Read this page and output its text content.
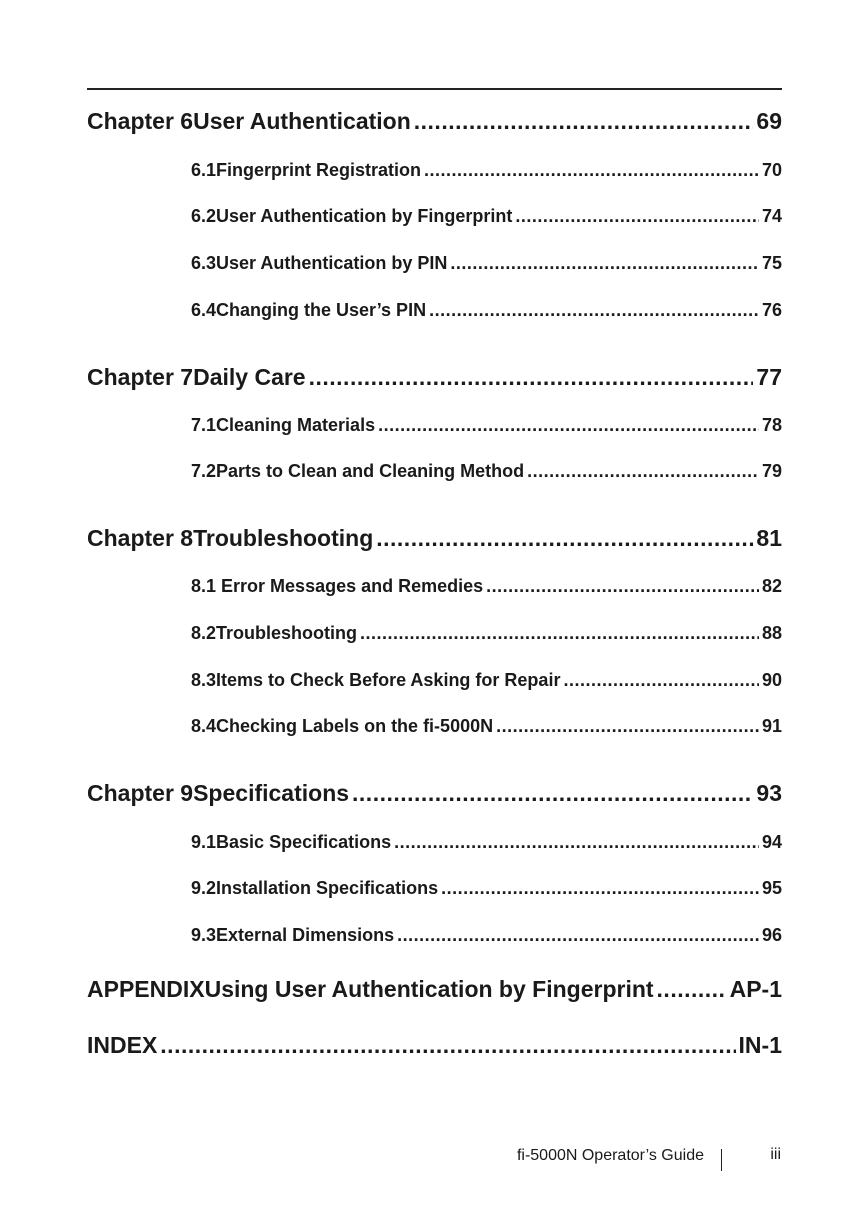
Chapter 6 User Authentication .....	69
6.1 Fingerprint Registration .....	70
6.2 User Authentication by Fingerprint .....	74
6.3 User Authentication by PIN .....	75
6.4 Changing the User’s PIN .....	76
Chapter 7 Daily Care .....	77
7.1 Cleaning Materials .....	78
7.2 Parts to Clean and Cleaning Method .....	79
Chapter 8 Troubleshooting .....	81
8.1 Error Messages and Remedies .....	82
8.2 Troubleshooting .....	88
8.3 Items to Check Before Asking for Repair .....	90
8.4 Checking Labels on the fi-5000N .....	91
Chapter 9 Specifications .....	93
9.1 Basic Specifications .....	94
9.2 Installation Specifications .....	95
9.3 External Dimensions .....	96
APPENDIX Using User Authentication by Fingerprint .....	AP-1
INDEX .....	IN-1
fi-5000N Operator’s Guide	iii
